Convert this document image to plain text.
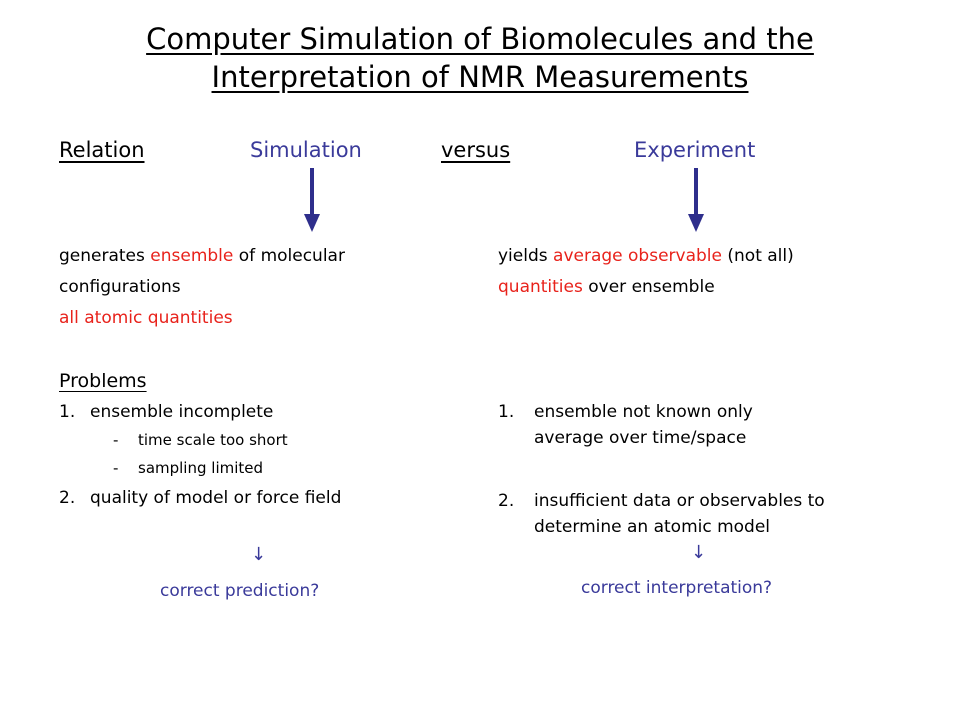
Computer Simulation of Biomolecules and the
Interpretation of NMR Measurements
Relation	Simulation	versus	Experiment
generates ensemble of molecular
configurations
all atomic quantities
Problems
1. ensemble incomplete
- time scale too short
- sampling limited
2. quality of model or force field
↓
correct prediction?
yields average observable (not all)
quantities over ensemble
1. ensemble not known only
average over time/space
2. insufficient data or observables to
determine an atomic model
↓
correct interpretation?
